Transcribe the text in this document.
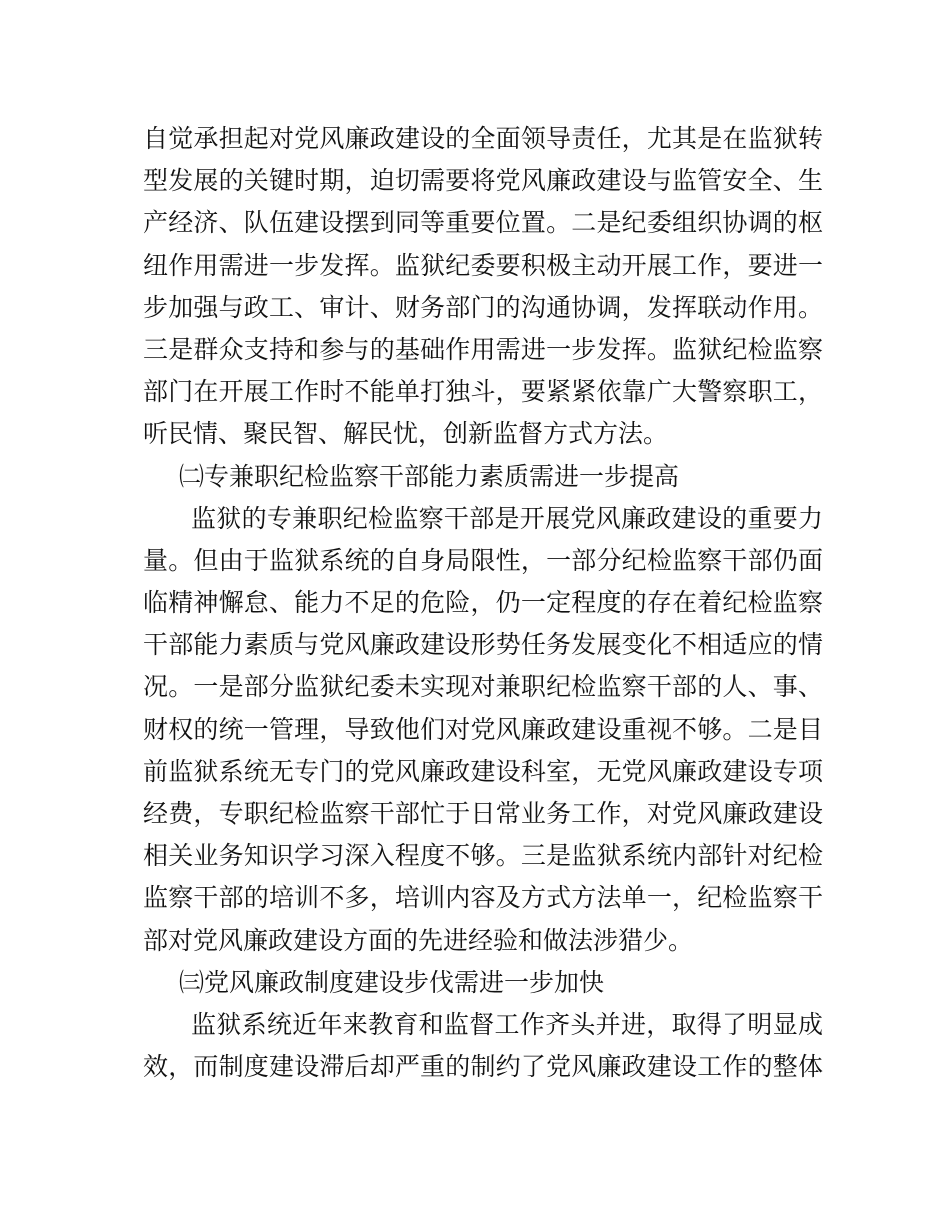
自觉承担起对党风廉政建设的全面领导责任，尤其是在监狱转
型发展的关键时期，迫切需要将党风廉政建设与监管安全、生
产经济、队伍建设摆到同等重要位置。二是纪委组织协调的枢
纽作用需进一步发挥。监狱纪委要积极主动开展工作，要进一
步加强与政工、审计、财务部门的沟通协调，发挥联动作用。
三是群众支持和参与的基础作用需进一步发挥。监狱纪检监察
部门在开展工作时不能单打独斗，要紧紧依靠广大警察职工，
听民情、聚民智、解民忧，创新监督方式方法。
㈡专兼职纪检监察干部能力素质需进一步提高
监狱的专兼职纪检监察干部是开展党风廉政建设的重要力
量。但由于监狱系统的自身局限性，一部分纪检监察干部仍面
临精神懈怠、能力不足的危险，仍一定程度的存在着纪检监察
干部能力素质与党风廉政建设形势任务发展变化不相适应的情
况。一是部分监狱纪委未实现对兼职纪检监察干部的人、事、
财权的统一管理，导致他们对党风廉政建设重视不够。二是目
前监狱系统无专门的党风廉政建设科室，无党风廉政建设专项
经费，专职纪检监察干部忙于日常业务工作，对党风廉政建设
相关业务知识学习深入程度不够。三是监狱系统内部针对纪检
监察干部的培训不多，培训内容及方式方法单一，纪检监察干
部对党风廉政建设方面的先进经验和做法涉猎少。
㈢党风廉政制度建设步伐需进一步加快
监狱系统近年来教育和监督工作齐头并进，取得了明显成
效，而制度建设滞后却严重的制约了党风廉政建设工作的整体
